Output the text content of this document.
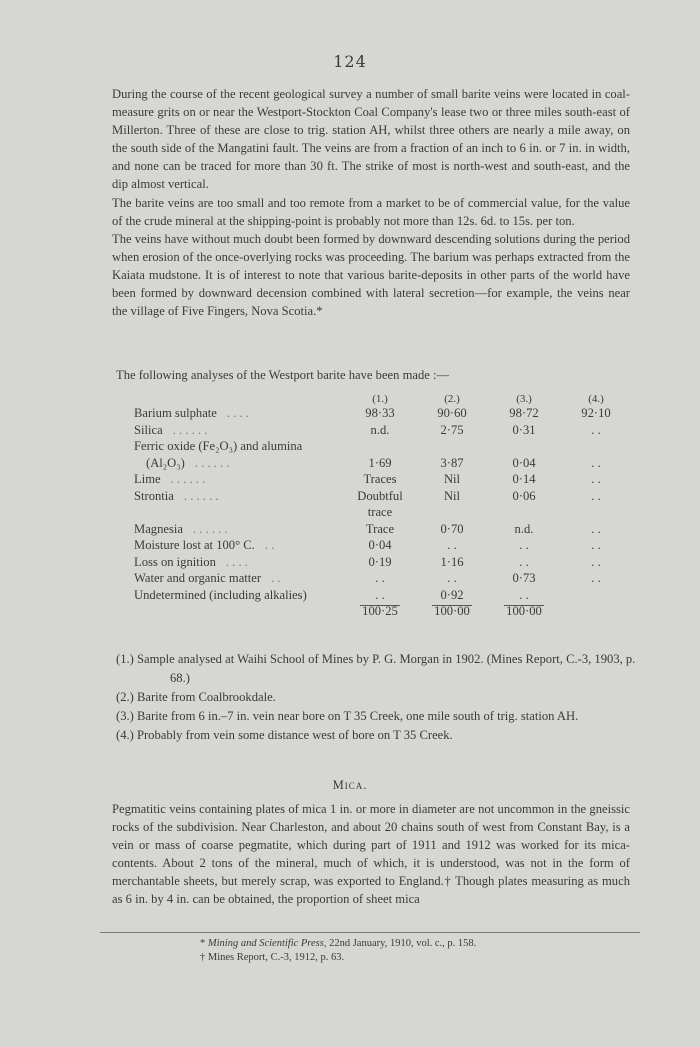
124

During the course of the recent geological survey a number of small barite veins were located in coal-measure grits on or near the Westport-Stockton Coal Company's lease two or three miles south-east of Millerton. Three of these are close to trig. station AH, whilst three others are nearly a mile away, on the south side of the Mangatini fault. The veins are from a fraction of an inch to 6 in. or 7 in. in width, and none can be traced for more than 30 ft. The strike of most is north-west and south-east, and the dip almost vertical.

The barite veins are too small and too remote from a market to be of commercial value, for the value of the crude mineral at the shipping-point is probably not more than 12s. 6d. to 15s. per ton.

The veins have without much doubt been formed by downward descending solutions during the period when erosion of the once-overlying rocks was proceeding. The barium was perhaps extracted from the Kaiata mudstone. It is of interest to note that various barite-deposits in other parts of the world have been formed by downward decension combined with lateral secretion—for example, the veins near the village of Five Fingers, Nova Scotia.*

The following analyses of the Westport barite have been made :—
	(1.)	(2.)	(3.)	(4.)
Barium sulphate . . . .	98·33	90·60	98·72	92·10
Silica . . . . . .	n.d.	2·75	0·31	. .
Ferric oxide (Fe₂O₃) and alumina				
(Al₂O₃) . . . . . .	1·69	3·87	0·04	. .
Lime . . . . . .	Traces	Nil	0·14	. .
Strontia . . . . . .	Doubtful	Nil	0·06	. .
	trace			
Magnesia . . . . . .	Trace	0·70	n.d.	. .
Moisture lost at 100° C. . .	0·04	. .	. .	. .
Loss on ignition . . . .	0·19	1·16	. .	. .
Water and organic matter . .	. .	. .	0·73	. .
Undetermined (including alkalies)	. .	0·92	. .	
	100·25	100·00	100·00	
(1.) Sample analysed at Waihi School of Mines by P. G. Morgan in 1902. (Mines Report, C.-3, 1903, p. 68.)
(2.) Barite from Coalbrookdale.
(3.) Barite from 6 in.–7 in. vein near bore on T 35 Creek, one mile south of trig. station AH.
(4.) Probably from vein some distance west of bore on T 35 Creek.
Mica.

Pegmatitic veins containing plates of mica 1 in. or more in diameter are not uncommon in the gneissic rocks of the subdivision. Near Charleston, and about 20 chains south of west from Constant Bay, is a vein or mass of coarse pegmatite, which during part of 1911 and 1912 was worked for its mica-contents. About 2 tons of the mineral, much of which, it is understood, was not in the form of merchantable sheets, but merely scrap, was exported to England.† Though plates measuring as much as 6 in. by 4 in. can be obtained, the proportion of sheet mica

* Mining and Scientific Press, 22nd January, 1910, vol. c., p. 158.
† Mines Report, C.-3, 1912, p. 63.
